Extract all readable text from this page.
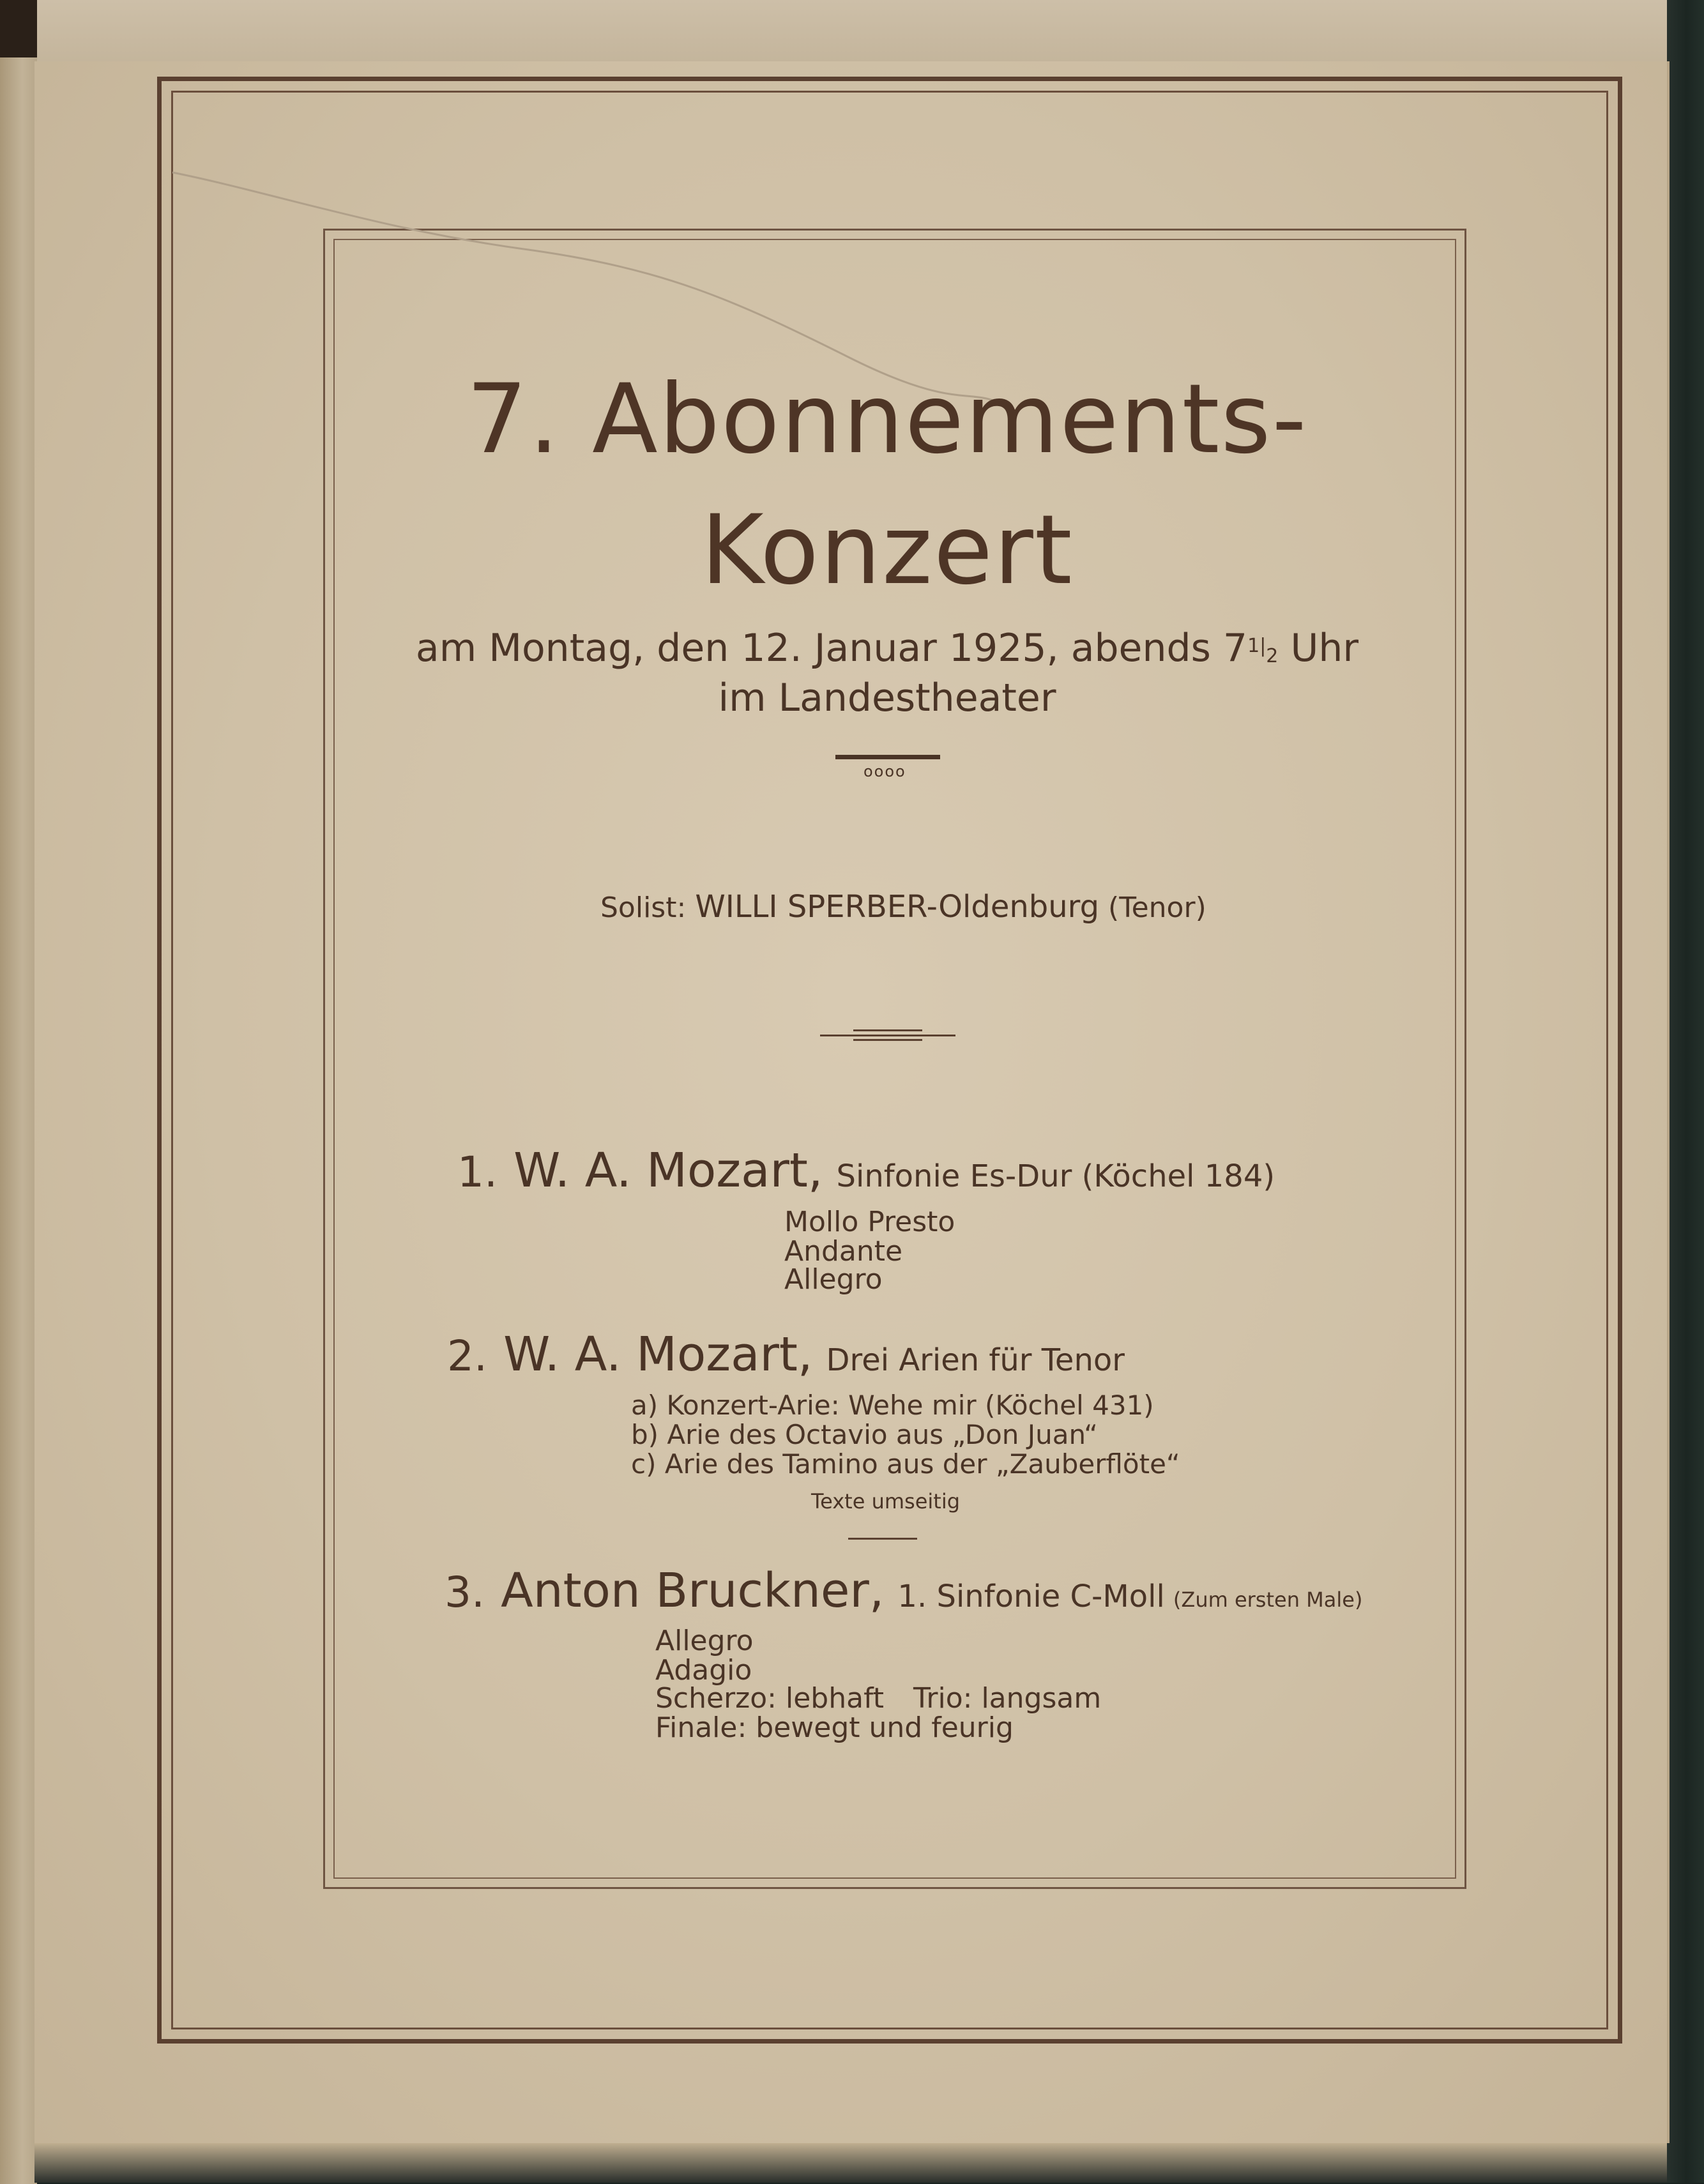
7. Abonnements-
Konzert
am Montag, den 12. Januar 1925, abends $7^{1|2}$ Uhr
im Landestheater
oooo
Solist: WILLI SPERBER-Oldenburg (Tenor)
1. W. A. Mozart, Sinfonie Es-Dur (Köchel 184)
Mollo Presto
Andante
Allegro
2. W. A. Mozart, Drei Arien für Tenor
a) Konzert-Arie: Wehe mir (Köchel 431)
b) Arie des Octavio aus „Don Juan“
c) Arie des Tamino aus der „Zauberflöte“
Texte umseitig
3. Anton Bruckner, 1. Sinfonie C-Moll (Zum ersten Male)
Allegro
Adagio
Scherzo: lebhaft Trio: langsam
Finale: bewegt und feurig
